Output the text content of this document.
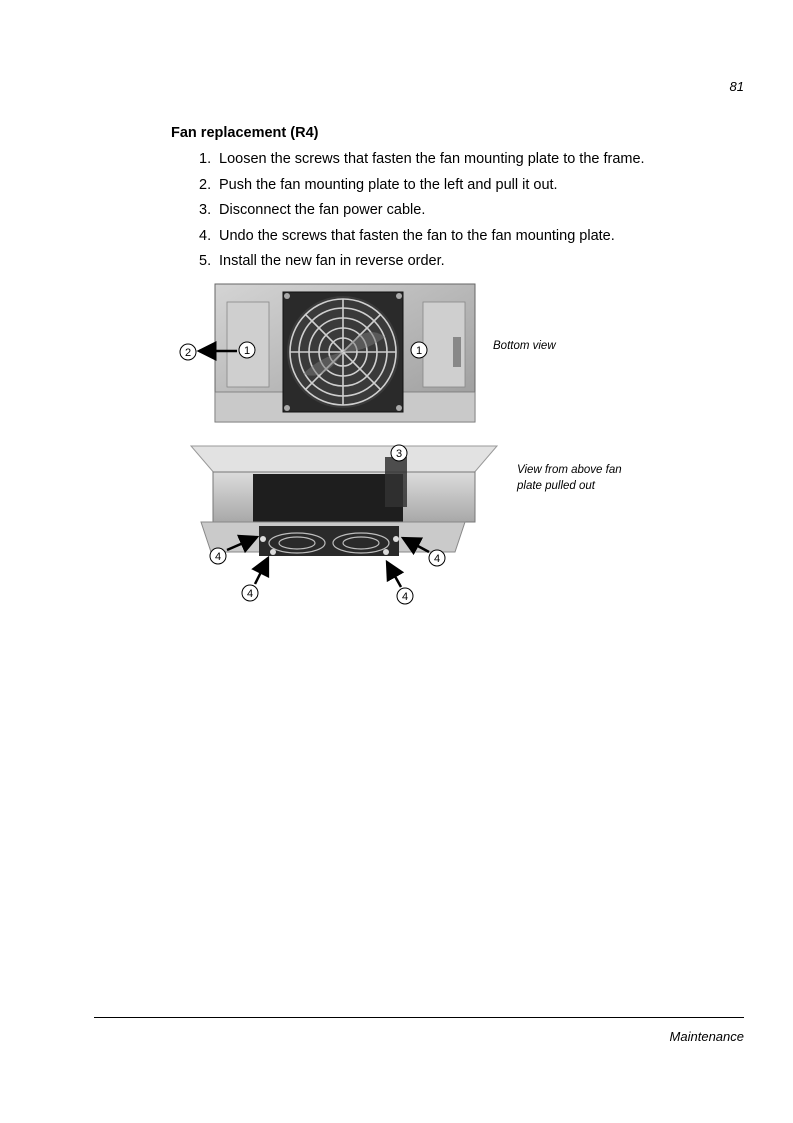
81
Fan replacement (R4)
1. Loosen the screws that fasten the fan mounting plate to the frame.
2. Push the fan mounting plate to the left and pull it out.
3. Disconnect the fan power cable.
4. Undo the screws that fasten the fan to the fan mounting plate.
5. Install the new fan in reverse order.
1	1
2
3
4	4
4	4
Bottom view
View from above fan plate pulled out
Maintenance
